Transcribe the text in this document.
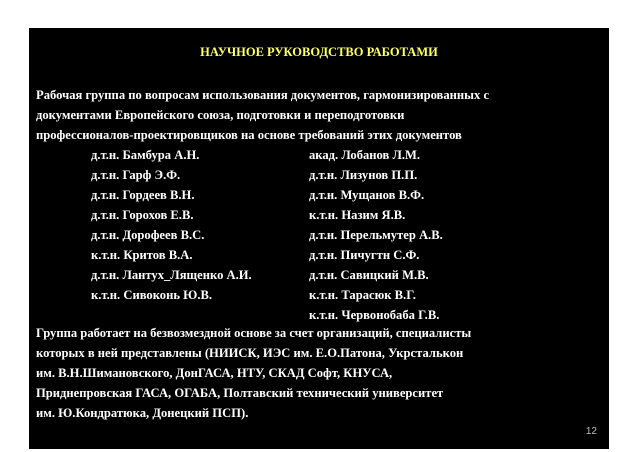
НАУЧНОЕ РУКОВОДСТВО РАБОТАМИ
Рабочая группа по вопросам использования документов, гармонизированных с
документами Европейского союза, подготовки и переподготовки
профессионалов-проектировщиков на основе требований этих документов
д.т.н. Бамбура А.Н.
д.т.н. Гарф Э.Ф.
д.т.н. Гордеев В.Н.
д.т.н. Горохов Е.В.
д.т.н. Дорофеев В.С.
к.т.н. Критов В.А.
д.т.н. Лантух_Лященко А.И.
к.т.н. Сивоконь Ю.В.
акад. Лобанов Л.М.
д.т.н. Лизунов П.П.
д.т.н. Мущанов В.Ф.
к.т.н. Назим Я.В.
д.т.н. Перельмутер А.В.
д.т.н. Пичугтн С.Ф.
д.т.н. Савицкий М.В.
к.т.н. Тарасюк В.Г.
к.т.н. Червонобаба Г.В.
Группа работает на безвозмездной основе за счет организаций, специалисты
которых в ней представлены (НИИСК, ИЭС им. Е.О.Патона, Укрсталькон
им. В.Н.Шимановского, ДонГАСА, НТУ, СКАД Софт, КНУСА,
Приднепровская ГАСА, ОГАБА, Полтавский технический университет
им. Ю.Кондратюка, Донецкий ПСП).
12
